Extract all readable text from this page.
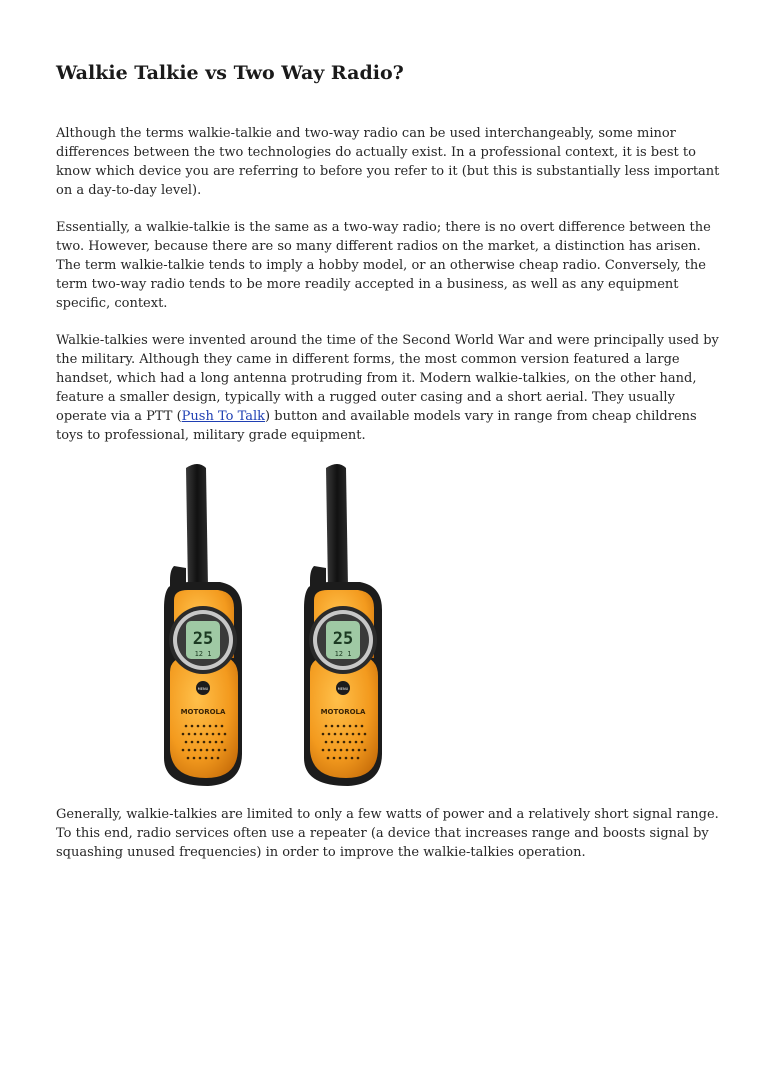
Walkie Talkie vs Two Way Radio?
Although the terms walkie-talkie and two-way radio can be used interchangeably, some minor
differences between the two technologies do actually exist. In a professional context, it is best to
know which device you are referring to before you refer to it (but this is substantially less important
on a day-to-day level).
Essentially, a walkie-talkie is the same as a two-way radio; there is no overt difference between the
two. However, because there are so many different radios on the market, a distinction has arisen.
The term walkie-talkie tends to imply a hobby model, or an otherwise cheap radio. Conversely, the
term two-way radio tends to be more readily accepted in a business, as well as any equipment
specific, context.
Walkie-talkies were invented around the time of the Second World War and were principally used by
the military. Although they came in different forms, the most common version featured a large
handset, which had a long antenna protruding from it. Modern walkie-talkies, on the other hand,
feature a smaller design, typically with a rugged outer casing and a short aerial. They usually
operate via a PTT (Push To Talk) button and available models vary in range from cheap childrens
toys to professional, military grade equipment.
25
12 1
MENU
MOTOROLA
25
12 1
MENU
MOTOROLA
Generally, walkie-talkies are limited to only a few watts of power and a relatively short signal range.
To this end, radio services often use a repeater (a device that increases range and boosts signal by
squashing unused frequencies) in order to improve the walkie-talkies operation.
